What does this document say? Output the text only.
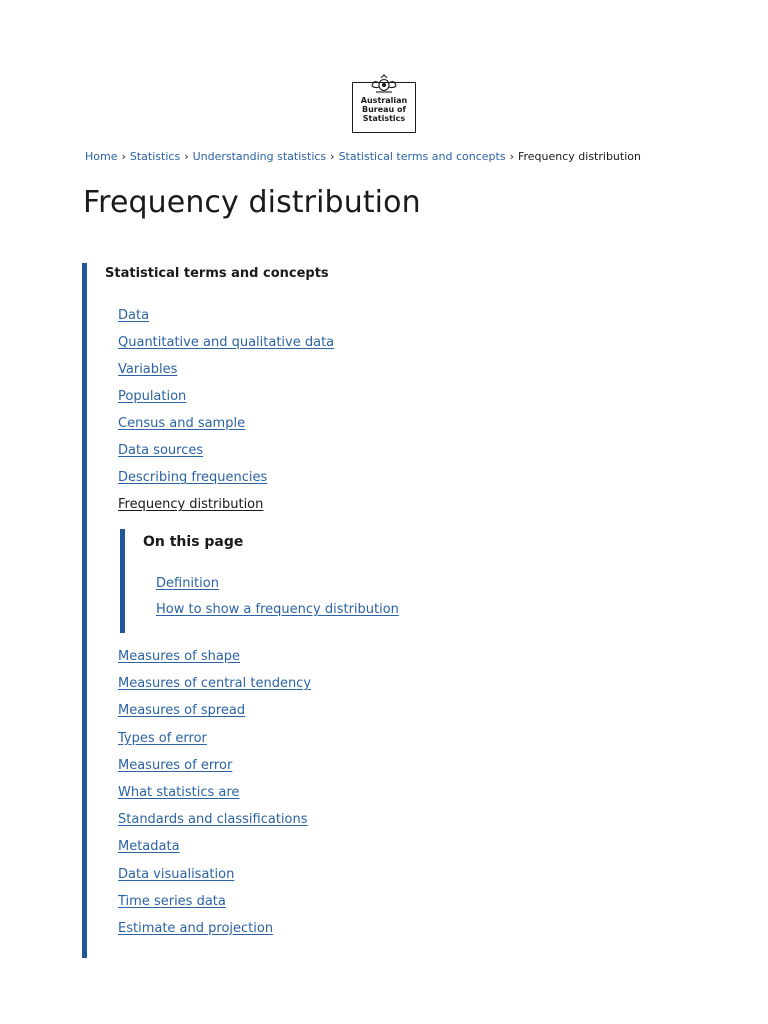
Australian
Bureau of
Statistics
Home › Statistics › Understanding statistics › Statistical terms and concepts › Frequency distribution
Frequency distribution
Statistical terms and concepts
Data
Quantitative and qualitative data
Variables
Population
Census and sample
Data sources
Describing frequencies
Frequency distribution
On this page
Definition
How to show a frequency distribution
Measures of shape
Measures of central tendency
Measures of spread
Types of error
Measures of error
What statistics are
Standards and classifications
Metadata
Data visualisation
Time series data
Estimate and projection
